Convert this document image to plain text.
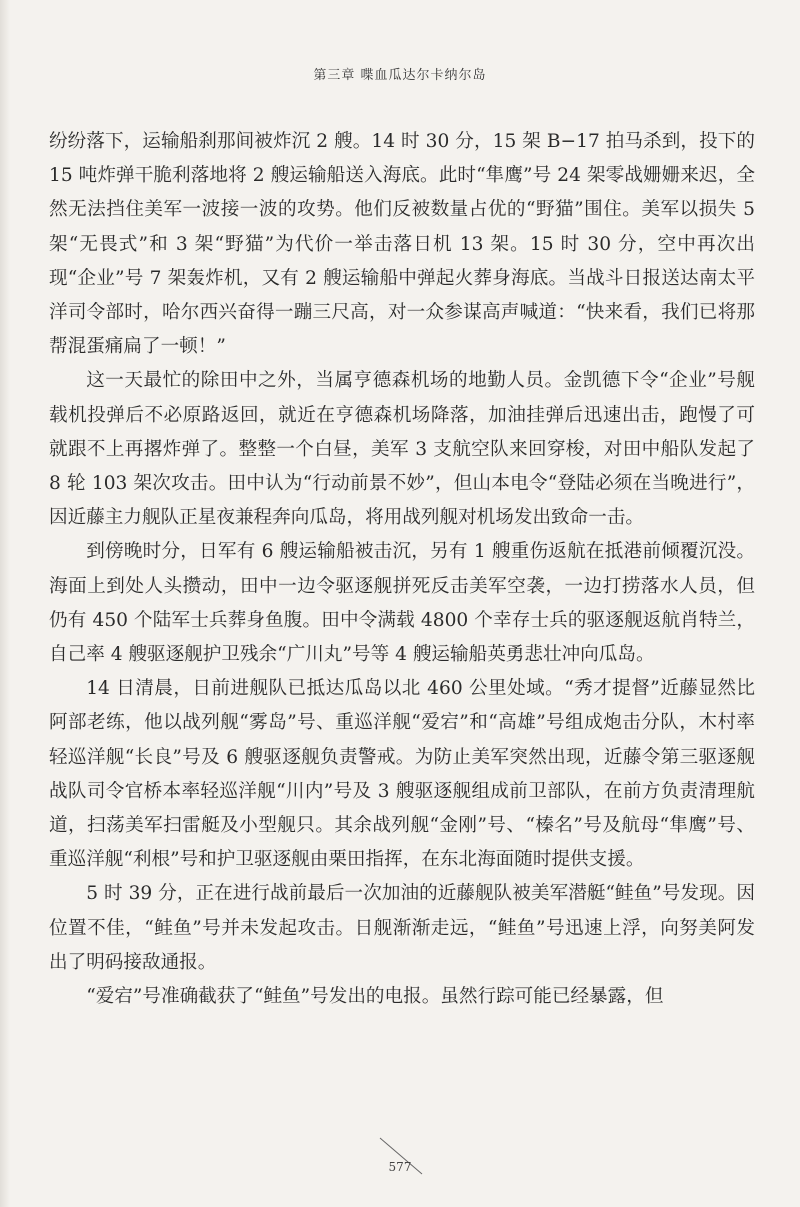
第三章 喋血瓜达尔卡纳尔岛

纷纷落下，运输船刹那间被炸沉 2 艘。14 时 30 分，15 架 B−17 拍马杀到，投下的 15 吨炸弹干脆利落地将 2 艘运输船送入海底。此时“隼鹰”号 24 架零战姗姗来迟，全然无法挡住美军一波接一波的攻势。他们反被数量占优的“野猫”围住。美军以损失 5 架“无畏式”和 3 架“野猫”为代价一举击落日机 13 架。15 时 30 分，空中再次出现“企业”号 7 架轰炸机，又有 2 艘运输船中弹起火葬身海底。当战斗日报送达南太平洋司令部时，哈尔西兴奋得一蹦三尺高，对一众参谋高声喊道：“快来看，我们已将那帮混蛋痛扁了一顿！”

这一天最忙的除田中之外，当属亨德森机场的地勤人员。金凯德下令“企业”号舰载机投弹后不必原路返回，就近在亨德森机场降落，加油挂弹后迅速出击，跑慢了可就跟不上再撂炸弹了。整整一个白昼，美军 3 支航空队来回穿梭，对田中船队发起了 8 轮 103 架次攻击。田中认为“行动前景不妙”，但山本电令“登陆必须在当晚进行”，因近藤主力舰队正星夜兼程奔向瓜岛，将用战列舰对机场发出致命一击。

到傍晚时分，日军有 6 艘运输船被击沉，另有 1 艘重伤返航在抵港前倾覆沉没。海面上到处人头攒动，田中一边令驱逐舰拼死反击美军空袭，一边打捞落水人员，但仍有 450 个陆军士兵葬身鱼腹。田中令满载 4800 个幸存士兵的驱逐舰返航肖特兰，自己率 4 艘驱逐舰护卫残余“广川丸”号等 4 艘运输船英勇悲壮冲向瓜岛。

14 日清晨，日前进舰队已抵达瓜岛以北 460 公里处域。“秀才提督”近藤显然比阿部老练，他以战列舰“雾岛”号、重巡洋舰“爱宕”和“高雄”号组成炮击分队，木村率轻巡洋舰“长良”号及 6 艘驱逐舰负责警戒。为防止美军突然出现，近藤令第三驱逐舰战队司令官桥本率轻巡洋舰“川内”号及 3 艘驱逐舰组成前卫部队，在前方负责清理航道，扫荡美军扫雷艇及小型舰只。其余战列舰“金刚”号、“榛名”号及航母“隼鹰”号、重巡洋舰“利根”号和护卫驱逐舰由栗田指挥，在东北海面随时提供支援。

5 时 39 分，正在进行战前最后一次加油的近藤舰队被美军潜艇“鲑鱼”号发现。因位置不佳，“鲑鱼”号并未发起攻击。日舰渐渐走远，“鲑鱼”号迅速上浮，向努美阿发出了明码接敌通报。

“爱宕”号准确截获了“鲑鱼”号发出的电报。虽然行踪可能已经暴露，但

577
